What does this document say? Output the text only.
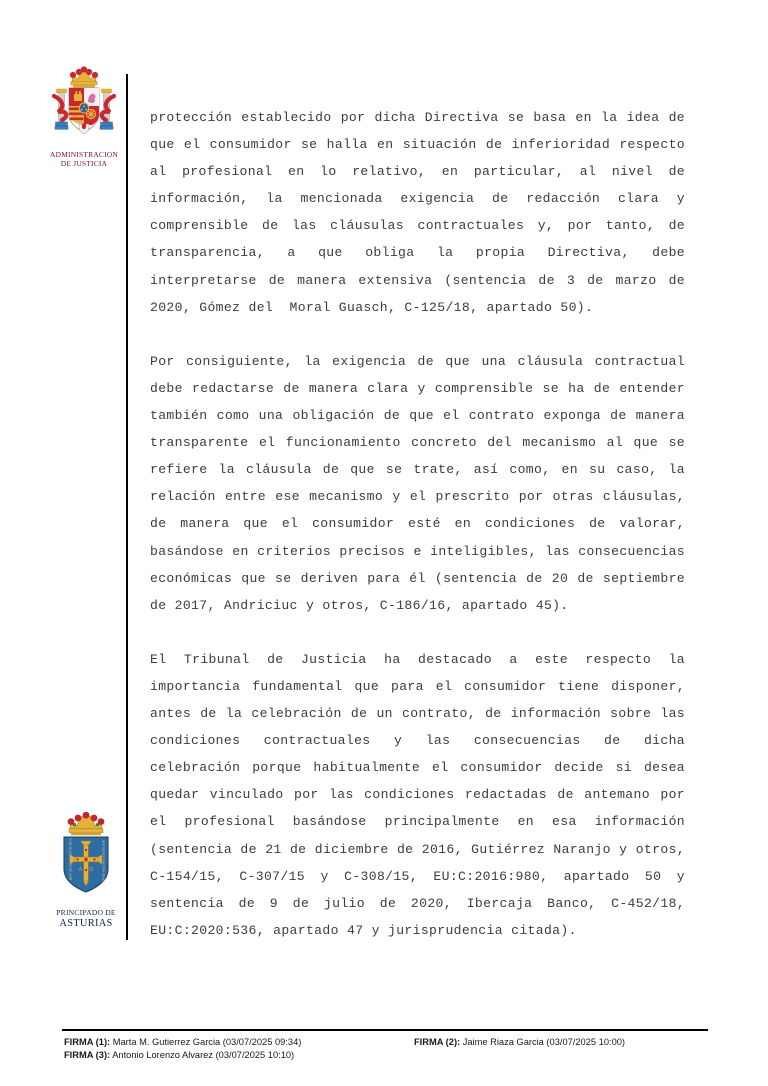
ADMINISTRACION
DE JUSTICIA
A Ω
HOC SIGNO TVETVR PIVS	HOC SIGNO VINCITVR INIMICVS
PRINCIPADO DE
ASTURIAS

protección establecido por dicha Directiva se basa en la idea de que el consumidor se halla en situación de inferioridad respecto al profesional en lo relativo, en particular, al nivel de información, la mencionada exigencia de redacción clara y comprensible de las cláusulas contractuales y, por tanto, de transparencia, a que obliga la propia Directiva, debe interpretarse de manera extensiva (sentencia de 3 de marzo de 2020, Gómez del  Moral Guasch, C-125/18, apartado 50).

Por consiguiente, la exigencia de que una cláusula contractual debe redactarse de manera clara y comprensible se ha de entender también como una obligación de que el contrato exponga de manera transparente el funcionamiento concreto del mecanismo al que se refiere la cláusula de que se trate, así como, en su caso, la relación entre ese mecanismo y el prescrito por otras cláusulas, de manera que el consumidor esté en condiciones de valorar, basándose en criterios precisos e inteligibles, las consecuencias económicas que se deriven para él (sentencia de 20 de septiembre de 2017, Andriciuc y otros, C-186/16, apartado 45).

El Tribunal de Justicia ha destacado a este respecto la importancia fundamental que para el consumidor tiene disponer, antes de la celebración de un contrato, de información sobre las condiciones contractuales y las consecuencias de dicha celebración porque habitualmente el consumidor decide si desea quedar vinculado por las condiciones redactadas de antemano por el profesional basándose principalmente en esa información (sentencia de 21 de diciembre de 2016, Gutiérrez Naranjo y otros, C-154/15, C-307/15 y C-308/15, EU:C:2016:980, apartado 50 y sentencia de 9 de julio de 2020, Ibercaja Banco, C-452/18, EU:C:2020:536, apartado 47 y jurisprudencia citada).

FIRMA (1): Marta M. Gutierrez Garcia (03/07/2025 09:34)	FIRMA (2): Jaime Riaza Garcia (03/07/2025 10:00)
FIRMA (3): Antonio Lorenzo Alvarez (03/07/2025 10:10)
